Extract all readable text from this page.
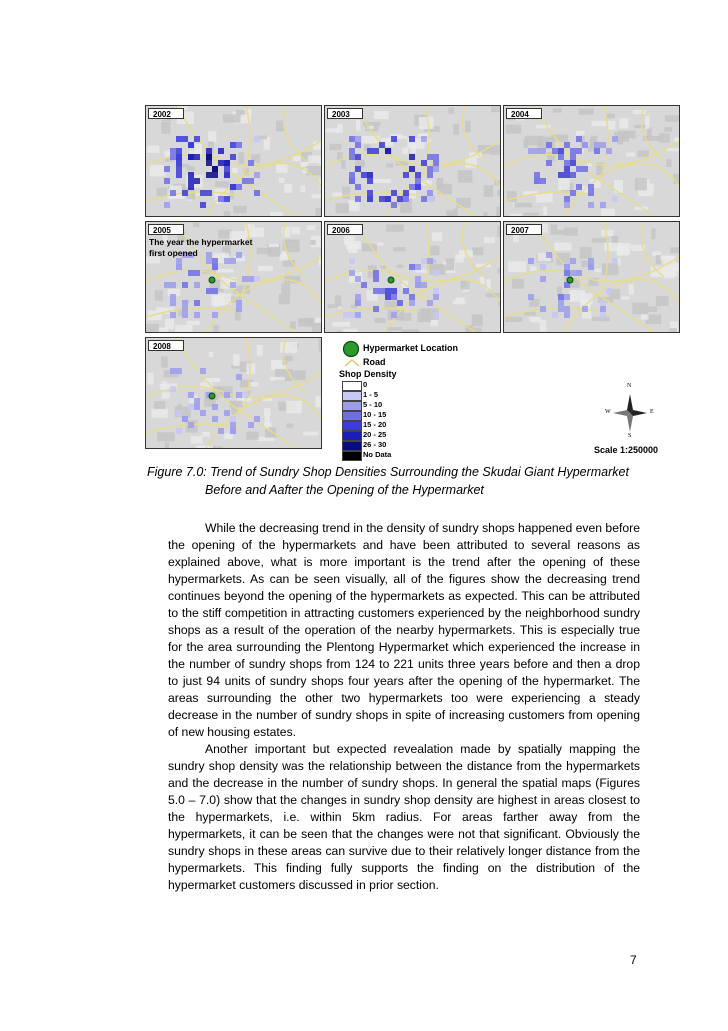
2002	2003	2004
2005
The year the hypermarket first opened
2006	2007
2008	Hypermarket Location
Road
Shop Density
0
1 - 5
5 - 10
10 - 15
15 - 20
20 - 25
26 - 30
No Data
N
S
W	E
Scale 1:250000
Figure 7.0: Trend of Sundry Shop Densities Surrounding the Skudai Giant Hypermarket
Before and Aafter the Opening of the Hypermarket

While the decreasing trend in the density of sundry shops happened even before the opening of the hypermarkets and have been attributed to several reasons as explained above, what is more important is the trend after the opening of these hypermarkets. As can be seen visually, all of the figures show the decreasing trend continues beyond the opening of the hypermarkets as expected. This can be attributed to the stiff competition in attracting customers experienced by the neighborhood sundry shops as a result of the operation of the nearby hypermarkets. This is especially true for the area surrounding the Plentong Hypermarket which experienced the increase in the number of sundry shops from 124 to 221 units three years before and then a drop to just 94 units of sundry shops four years after the opening of the hypermarket. The areas surrounding the other two hypermarkets too were experiencing a steady decrease in the number of sundry shops in spite of increasing customers from opening of new housing estates.

Another important but expected revealation made by spatially mapping the sundry shop density was the relationship between the distance from the hypermarkets and the decrease in the number of sundry shops. In general the spatial maps (Figures 5.0 – 7.0) show that the changes in sundry shop density are highest in areas closest to the hypermarkets, i.e. within 5km radius. For areas farther away from the hypermarkets, it can be seen that the changes were not that significant. Obviously the sundry shops in these areas can survive due to their relatively longer distance from the hypermarkets. This finding fully supports the finding on the distribution of the hypermarket customers discussed in prior section.

7
